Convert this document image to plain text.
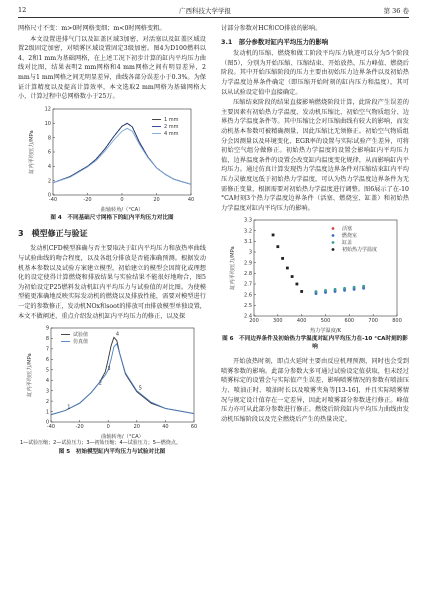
12	广西科技大学学报	第 36 卷

网格尺寸不变：m>0时网格变细；m<0时网格变粗。

本文设置进排气门以及缸盖区域3加密，对活塞以及缸盖区域设置2级固定加密，对喷雾区域设置固定3级加密。图4为D100燃料以4、2和1 mm为基础网格，在上述工况下初步计算的缸内平均压力曲线对比图，结果表明2 mm网格和4 mm网格之间有明显差异，2 mm与1 mm网格之间无明显差异，曲线各部分误差小于0.3%。为保证计算精度以及提高计算效率，本文选取2 mm网格为基础网格大小，计算过程中总网格数小于25万。

-40	-20	0	20	40
0
2
4
6
8
10
12
曲轴转角/（°CA）
缸内平均压力/MPa
1 mm
2 mm
4 mm
图 4　不同基础尺寸网格下的缸内平均压力对比图
3　模型修正与验证

发动机CFD模型准确与否主要取决于缸内平均压力和放热率曲线与试验曲线的吻合程度，以及各组分排放是否能准确预测。根据发动机基本参数以及试验方案建立模型，初始建立的模型会因简化或理想化的设定使得计算燃烧和排放结果与实验结果不能很好地吻合，图5为初始设定P25燃料发动机缸内平均压力与试验值的对比图。为使模型能更准确地反映实际发动机的燃烧以及排放性能，需要对模型进行一定的参数修正，发动机NOx和soot的排放可由排放模型单独设置，本文不做阐述，重点介绍发动机缸内平均压力的修正，以及探

-40	-20	0	20	40	60
0
1
2
3
4
5
6
7
8
9
曲轴转角/（°CA）
缸内平均压力/MPa
试验值
仿真值
1
2
3
4
5
1—试验压缩；2—试验压力；3—初始压缩；4—试验压力；5—燃烧点。
图 5　初始模型缸内平均压力与试验对比图

讨部分参数对HC和CO排放的影响。

3.1　部分参数对缸内平均压力的影响

发动机的压缩、燃烧和做工阶段平均压力轨迹可以分为5个阶段（图5），分别为开始压缩、压缩结束、开始放热、压力峰值、燃烧后阶段。其中开始压缩阶段的压力主要由初始压力边界条件以及初始热力学温度边界条件确定（即压缩开始时刻的缸内压力和温度），其可以从试验设定值中直接确定。

压缩结束阶段的结果直接影响燃烧阶段计算，此阶段产生误差的主要因素有初始热力学温度、发动机压缩比、初始空气物质组分、边界热力学温度条件等。其中压缩比会对压缩曲线有较大的影响，而发动机基本参数可被精确测量，因此压缩比无须修正。初始空气物质组分会因测量以及环境变化、EGR率的设置与实际试验产生差异，可将初始空气组分做修正。初始热力学温度的设置会影响缸内平均压力值，边界温度条件的设置会改变缸内温度变化规律，从而影响缸内平均压力。通过仿真计算发现热力学温度边界条件对压缩结束缸内平均压力灵敏度远低于初始热力学温度，可认为热力学温度边界条件为无需修正变量，根据需要对初始热力学温度进行调整。图6展示了在-10 °CA时刻3个热力学温度边界条件（活塞、燃烧室、缸盖）和初始热力学温度对缸内平均压力的影响。

200	300	400	500	600	700	800
2.4
2.5
2.6
2.7
2.8
2.9
3
3.1
3.2
3.3
热力学温度/K
缸内平均压力/MPa
活塞
燃烧室
缸盖
初始热力学温度
图 6　不同边界条件及初始热力学温度对缸内平均压力在-10 °CA时刻的影响

开始放热时刻，即点火延时主要由反应机理预测，同时也会受到喷雾参数的影响。此部分参数大多可通过试验设定值获取，但未经过喷雾标定的设置会与实际值产生误差，影响喷雾情况的参数有喷油压力、喷油正时、喷油时长以及喷雾夹角等[13-16]，并且实际喷雾情况与规定设计值存在一定差异，因此对喷雾部分参数进行修正。峰值压力亦可从此部分参数进行修正。燃烧后阶段缸内平均压力曲线由发动机压缩阶段以及完全燃烧后产生的热量决定。
